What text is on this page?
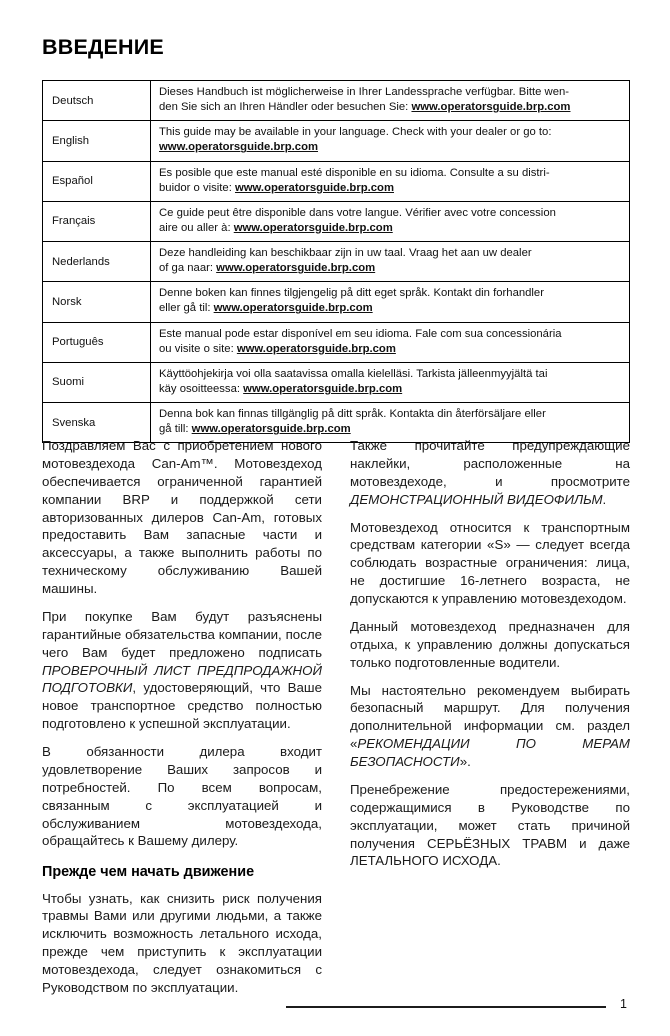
ВВЕДЕНИЕ
Deutsch	Dieses Handbuch ist möglicherweise in Ihrer Landessprache verfügbar. Bitte wen-
den Sie sich an Ihren Händler oder besuchen Sie: www.operatorsguide.brp.com

English	This guide may be available in your language. Check with your dealer or go to:
www.operatorsguide.brp.com

Español	Es posible que este manual esté disponible en su idioma. Consulte a su distri-
buidor o visite: www.operatorsguide.brp.com

Français	Ce guide peut être disponible dans votre langue. Vérifier avec votre concession
aire ou aller à: www.operatorsguide.brp.com

Nederlands	Deze handleiding kan beschikbaar zijn in uw taal. Vraag het aan uw dealer
of ga naar: www.operatorsguide.brp.com

Norsk	Denne boken kan finnes tilgjengelig på ditt eget språk. Kontakt din forhandler
eller gå til: www.operatorsguide.brp.com

Português	Este manual pode estar disponível em seu idioma. Fale com sua concessionária
ou visite o site: www.operatorsguide.brp.com

Suomi	Käyttöohjekirja voi olla saatavissa omalla kielelläsi. Tarkista jälleenmyyjältä tai
käy osoitteessa: www.operatorsguide.brp.com

Svenska	Denna bok kan finnas tillgänglig på ditt språk. Kontakta din återförsäljare eller
gå till: www.operatorsguide.brp.com

Поздравляем Вас с приобретением нового мотовездехода Can-Am™. Мотовездеход обеспечивается ограниченной гарантией компании BRP и поддержкой сети авторизованных дилеров Can-Am, готовых предоставить Вам запасные части и аксессуары, а также выполнить работы по техническому обслуживанию Вашей машины.

При покупке Вам будут разъяснены гарантийные обязательства компании, после чего Вам будет предложено подписать ПРОВЕРОЧНЫЙ ЛИСТ ПРЕДПРОДАЖНОЙ ПОДГОТОВКИ, удостоверяющий, что Ваше новое транспортное средство полностью подготовлено к успешной эксплуатации.

В обязанности дилера входит удовлетворение Ваших запросов и потребностей. По всем вопросам, связанным с эксплуатацией и обслуживанием мотовездехода, обращайтесь к Вашему дилеру.

Прежде чем начать движение

Чтобы узнать, как снизить риск получения травмы Вами или другими людьми, а также исключить возможность летального исхода, прежде чем приступить к эксплуатации мотовездехода, следует ознакомиться с Руководством по эксплуатации.

Также прочитайте предупреждающие наклейки, расположенные на мотовездеходе, и просмотрите ДЕМОНСТРАЦИОННЫЙ ВИДЕОФИЛЬМ.

Мотовездеход относится к транспортным средствам категории «S» — следует всегда соблюдать возрастные ограничения: лица, не достигшие 16-летнего возраста, не допускаются к управлению мотовездеходом.

Данный мотовездеход предназначен для отдыха, к управлению должны допускаться только подготовленные водители.

Мы настоятельно рекомендуем выбирать безопасный маршрут. Для получения дополнительной информации см. раздел «РЕКОМЕНДАЦИИ ПО МЕРАМ БЕЗОПАСНОСТИ».

Пренебрежение предостережениями, содержащимися в Руководстве по эксплуатации, может стать причиной получения СЕРЬЁЗНЫХ ТРАВМ и даже ЛЕТАЛЬНОГО ИСХОДА.

1
